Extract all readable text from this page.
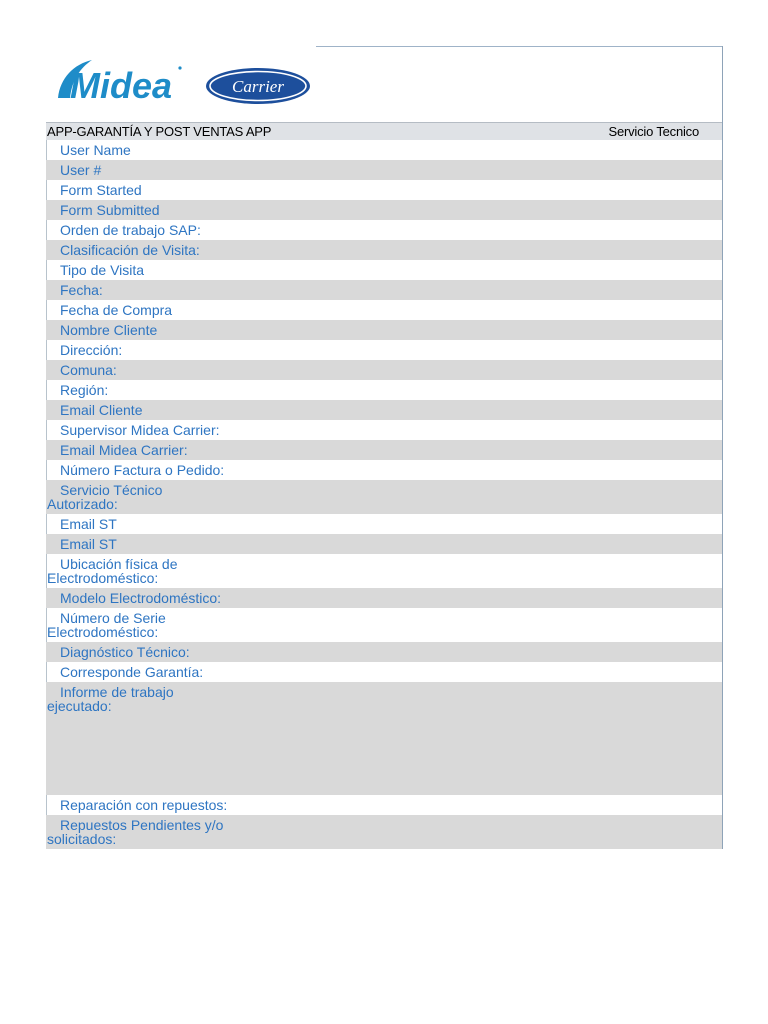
Midea	Carrier
APP-GARANTÍA Y POST VENTAS APP	Servicio Tecnico
User Name
User #
Form Started
Form Submitted
Orden de trabajo SAP:
Clasificación de Visita:
Tipo de Visita
Fecha:
Fecha de Compra
Nombre Cliente
Dirección:
Comuna:
Región:
Email Cliente
Supervisor Midea Carrier:
Email Midea Carrier:
Número Factura o Pedido:
Servicio Técnico
Autorizado:
Email ST
Email ST
Ubicación física de
Electrodoméstico:
Modelo Electrodoméstico:
Número de Serie
Electrodoméstico:
Diagnóstico Técnico:
Corresponde Garantía:
Informe de trabajo
ejecutado:
Reparación con repuestos:
Repuestos Pendientes y/o
solicitados:
